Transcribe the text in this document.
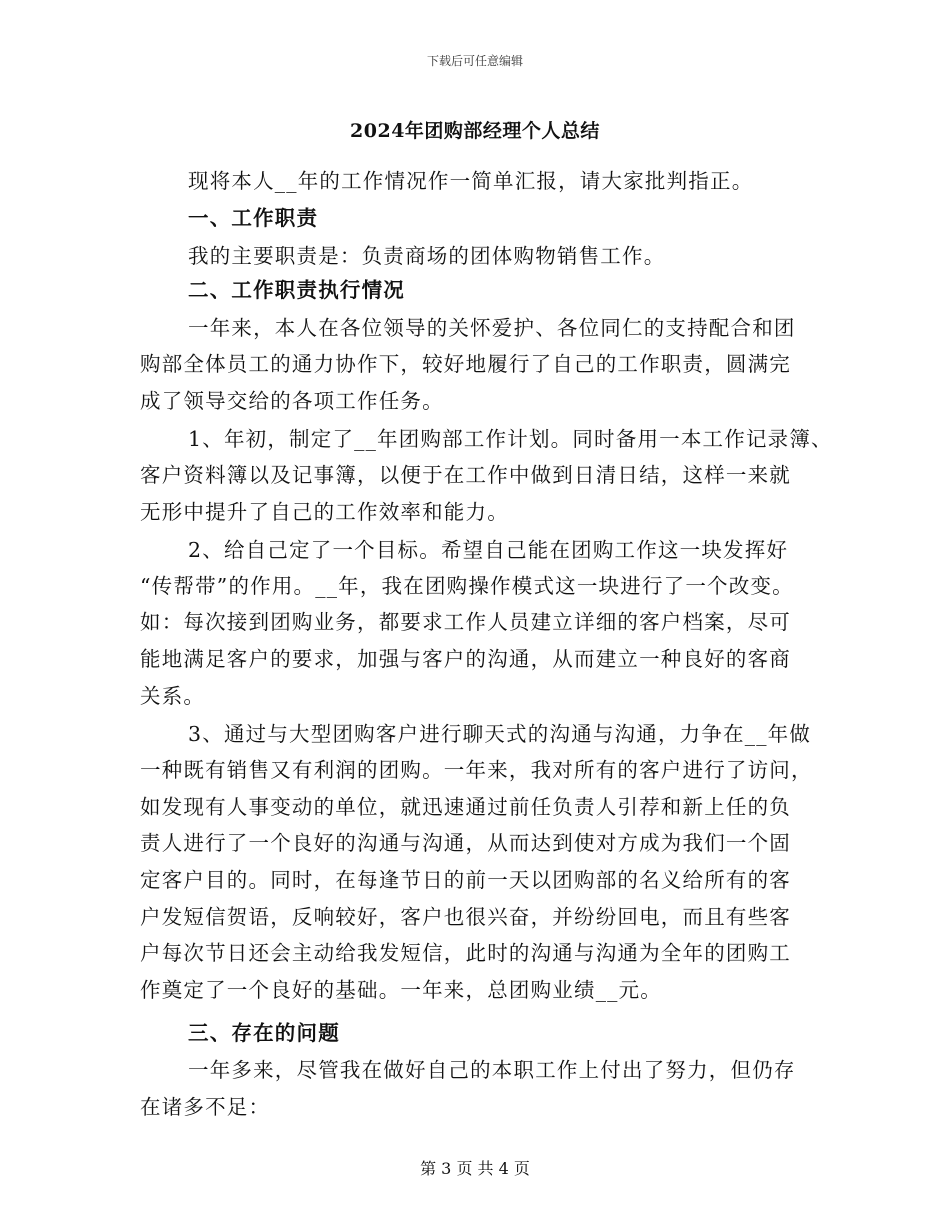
下载后可任意编辑
2024年团购部经理个人总结
现将本人__年的工作情况作一简单汇报，请大家批判指正。
一、工作职责
我的主要职责是：负责商场的团体购物销售工作。
二、工作职责执行情况
一年来，本人在各位领导的关怀爱护、各位同仁的支持配合和团
购部全体员工的通力协作下，较好地履行了自己的工作职责，圆满完
成了领导交给的各项工作任务。
1、年初，制定了__年团购部工作计划。同时备用一本工作记录簿、
客户资料簿以及记事簿，以便于在工作中做到日清日结，这样一来就
无形中提升了自己的工作效率和能力。
2、给自己定了一个目标。希望自己能在团购工作这一块发挥好
“传帮带”的作用。__年，我在团购操作模式这一块进行了一个改变。
如：每次接到团购业务，都要求工作人员建立详细的客户档案，尽可
能地满足客户的要求，加强与客户的沟通，从而建立一种良好的客商
关系。
3、通过与大型团购客户进行聊天式的沟通与沟通，力争在__年做
一种既有销售又有利润的团购。一年来，我对所有的客户进行了访问，
如发现有人事变动的单位，就迅速通过前任负责人引荐和新上任的负
责人进行了一个良好的沟通与沟通，从而达到使对方成为我们一个固
定客户目的。同时，在每逢节日的前一天以团购部的名义给所有的客
户发短信贺语，反响较好，客户也很兴奋，并纷纷回电，而且有些客
户每次节日还会主动给我发短信，此时的沟通与沟通为全年的团购工
作奠定了一个良好的基础。一年来，总团购业绩__元。
三、存在的问题
一年多来，尽管我在做好自己的本职工作上付出了努力，但仍存
在诸多不足：
第 3 页 共 4 页
